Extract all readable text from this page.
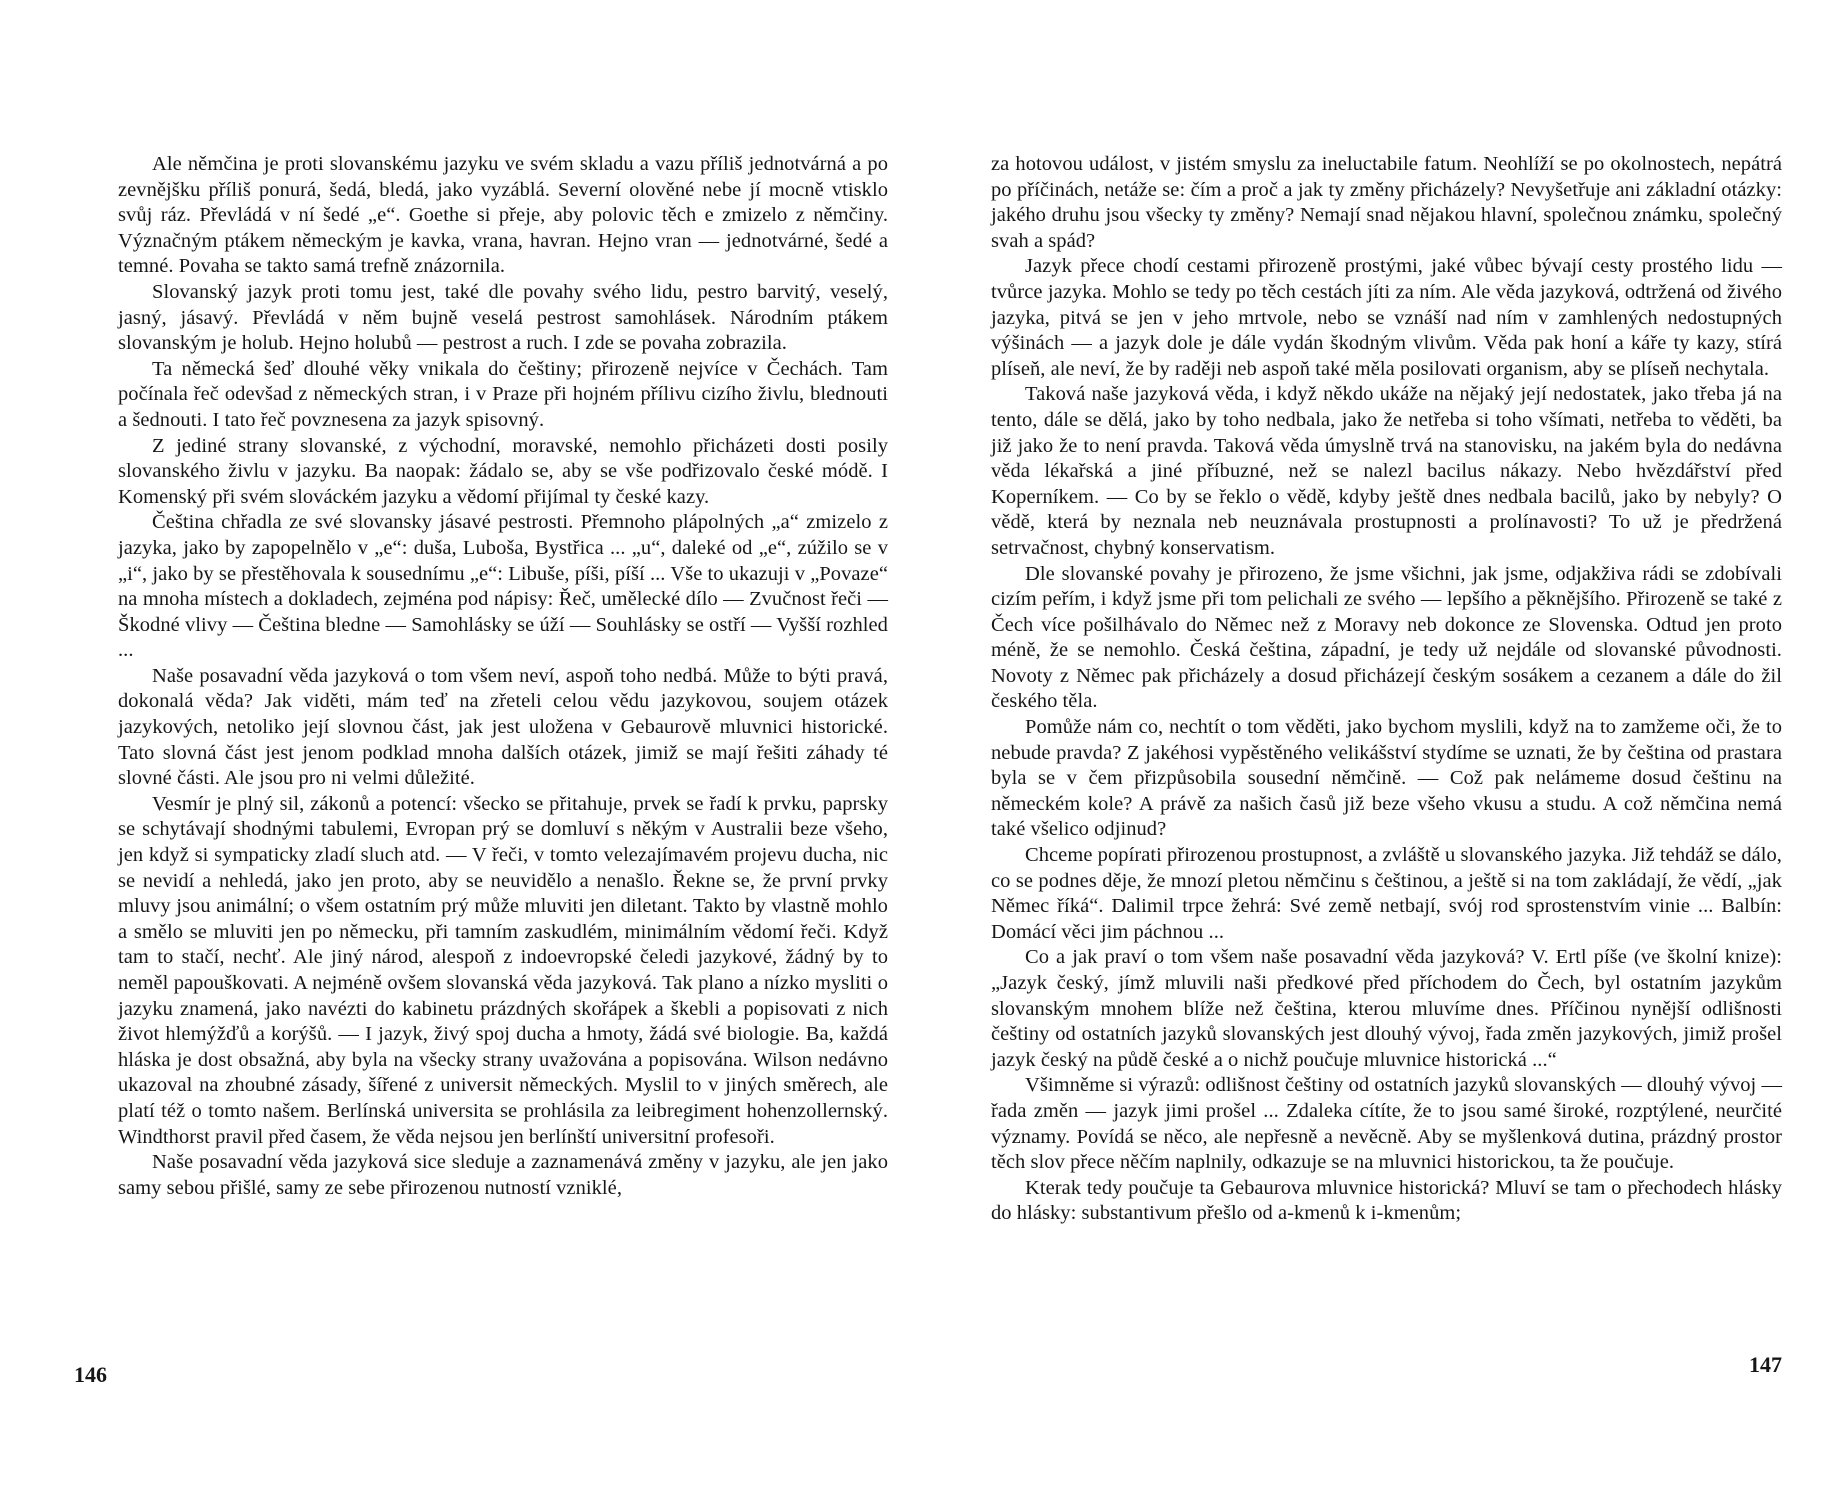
Ale němčina je proti slovanskému jazyku ve svém skladu a vazu příliš jednotvárná a po zevnějšku příliš ponurá, šedá, bledá, jako vyzáblá. Severní olověné nebe jí mocně vtisklo svůj ráz. Převládá v ní šedé „e“. Goethe si přeje, aby polovic těch e zmizelo z němčiny. Význačným ptákem německým je kavka, vrana, havran. Hejno vran — jednotvárné, šedé a temné. Povaha se takto samá trefně znázornila.

Slovanský jazyk proti tomu jest, také dle povahy svého lidu, pestro barvitý, veselý, jasný, jásavý. Převládá v něm bujně veselá pestrost samohlásek. Národním ptákem slovanským je holub. Hejno holubů — pestrost a ruch. I zde se povaha zobrazila.

Ta německá šeď dlouhé věky vnikala do češtiny; přirozeně nejvíce v Čechách. Tam počínala řeč odevšad z německých stran, i v Praze při hojném přílivu cizího živlu, blednouti a šednouti. I tato řeč povznesena za jazyk spisovný.

Z jediné strany slovanské, z východní, moravské, nemohlo přicházeti dosti posily slovanského živlu v jazyku. Ba naopak: žádalo se, aby se vše podřizovalo české módě. I Komenský při svém slováckém jazyku a vědomí přijímal ty české kazy.

Čeština chřadla ze své slovansky jásavé pestrosti. Přemnoho plápolných „a“ zmizelo z jazyka, jako by zapopelnělo v „e“: duša, Luboša, Bystřica ... „u“, daleké od „e“, zúžilo se v „i“, jako by se přestěhovala k sousednímu „e“: Libuše, píši, píší ... Vše to ukazuji v „Povaze“ na mnoha místech a dokladech, zejména pod nápisy: Řeč, umělecké dílo — Zvučnost řeči — Škodné vlivy — Čeština bledne — Samohlásky se úží — Souhlásky se ostří — Vyšší rozhled ...

Naše posavadní věda jazyková o tom všem neví, aspoň toho nedbá. Může to býti pravá, dokonalá věda? Jak viděti, mám teď na zřeteli celou vědu jazykovou, soujem otázek jazykových, netoliko její slovnou část, jak jest uložena v Gebaurově mluvnici historické. Tato slovná část jest jenom podklad mnoha dalších otázek, jimiž se mají řešiti záhady té slovné části. Ale jsou pro ni velmi důležité.

Vesmír je plný sil, zákonů a potencí: všecko se přitahuje, prvek se řadí k prvku, paprsky se schytávají shodnými tabulemi, Evropan prý se domluví s někým v Australii beze všeho, jen když si sympaticky zladí sluch atd. — V řeči, v tomto velezajímavém projevu ducha, nic se nevidí a nehledá, jako jen proto, aby se neuvidělo a nenašlo. Řekne se, že první prvky mluvy jsou animální; o všem ostatním prý může mluviti jen diletant. Takto by vlastně mohlo a smělo se mluviti jen po německu, při tamním zaskudlém, minimálním vědomí řeči. Když tam to stačí, nechť. Ale jiný národ, alespoň z indoevropské čeledi jazykové, žádný by to neměl papouškovati. A nejméně ovšem slovanská věda jazyková. Tak plano a nízko mysliti o jazyku znamená, jako navézti do kabinetu prázdných skořápek a škebli a popisovati z nich život hlemýžďů a korýšů. — I jazyk, živý spoj ducha a hmoty, žádá své biologie. Ba, každá hláska je dost obsažná, aby byla na všecky strany uvažována a popisována. Wilson nedávno ukazoval na zhoubné zásady, šířené z universit německých. Myslil to v jiných směrech, ale platí též o tomto našem. Berlínská universita se prohlásila za leibregiment hohenzollernský. Windthorst pravil před časem, že věda nejsou jen berlínští universitní profesoři.

Naše posavadní věda jazyková sice sleduje a zaznamenává změny v jazyku, ale jen jako samy sebou přišlé, samy ze sebe přirozenou nutností vzniklé,

146

za hotovou událost, v jistém smyslu za ineluctabile fatum. Neohlíží se po okolnostech, nepátrá po příčinách, netáže se: čím a proč a jak ty změny přicházely? Nevyšetřuje ani základní otázky: jakého druhu jsou všecky ty změny? Nemají snad nějakou hlavní, společnou známku, společný svah a spád?

Jazyk přece chodí cestami přirozeně prostými, jaké vůbec bývají cesty prostého lidu — tvůrce jazyka. Mohlo se tedy po těch cestách jíti za ním. Ale věda jazyková, odtržená od živého jazyka, pitvá se jen v jeho mrtvole, nebo se vznáší nad ním v zamhlených nedostupných výšinách — a jazyk dole je dále vydán škodným vlivům. Věda pak honí a káře ty kazy, stírá plíseň, ale neví, že by raději neb aspoň také měla posilovati organism, aby se plíseň nechytala.

Taková naše jazyková věda, i když někdo ukáže na nějaký její nedostatek, jako třeba já na tento, dále se dělá, jako by toho nedbala, jako že netřeba si toho všímati, netřeba to věděti, ba již jako že to není pravda. Taková věda úmyslně trvá na stanovisku, na jakém byla do nedávna věda lékařská a jiné příbuzné, než se nalezl bacilus nákazy. Nebo hvězdářství před Koperníkem. — Co by se řeklo o vědě, kdyby ještě dnes nedbala bacilů, jako by nebyly? O vědě, která by neznala neb neuznávala prostupnosti a prolínavosti? To už je předržená setrvačnost, chybný konservatism.

Dle slovanské povahy je přirozeno, že jsme všichni, jak jsme, odjakživa rádi se zdobívali cizím peřím, i když jsme při tom pelichali ze svého — lepšího a pěknějšího. Přirozeně se také z Čech více pošilhávalo do Němec než z Moravy neb dokonce ze Slovenska. Odtud jen proto méně, že se nemohlo. Česká čeština, západní, je tedy už nejdále od slovanské původnosti. Novoty z Němec pak přicházely a dosud přicházejí českým sosákem a cezanem a dále do žil českého těla.

Pomůže nám co, nechtít o tom věděti, jako bychom myslili, když na to zamžeme oči, že to nebude pravda? Z jakéhosi vypěstěného velikášství stydíme se uznati, že by čeština od prastara byla se v čem přizpůsobila sousední němčině. — Což pak nelámeme dosud češtinu na německém kole? A právě za našich časů již beze všeho vkusu a studu. A což němčina nemá také všelico odjinud?

Chceme popírati přirozenou prostupnost, a zvláště u slovanského jazyka. Již tehdáž se dálo, co se podnes děje, že mnozí pletou němčinu s češtinou, a ještě si na tom zakládají, že vědí, „jak Němec říká“. Dalimil trpce žehrá: Své země netbají, svój rod sprostenstvím vinie ... Balbín: Domácí věci jim páchnou ...

Co a jak praví o tom všem naše posavadní věda jazyková? V. Ertl píše (ve školní knize): „Jazyk český, jímž mluvili naši předkové před příchodem do Čech, byl ostatním jazykům slovanským mnohem blíže než čeština, kterou mluvíme dnes. Příčinou nynější odlišnosti češtiny od ostatních jazyků slovanských jest dlouhý vývoj, řada změn jazykových, jimiž prošel jazyk český na půdě české a o nichž poučuje mluvnice historická ...“

Všimněme si výrazů: odlišnost češtiny od ostatních jazyků slovanských — dlouhý vývoj — řada změn — jazyk jimi prošel ... Zdaleka cítíte, že to jsou samé široké, rozptýlené, neurčité významy. Povídá se něco, ale nepřesně a nevěcně. Aby se myšlenková dutina, prázdný prostor těch slov přece něčím naplnily, odkazuje se na mluvnici historickou, ta že poučuje.

Kterak tedy poučuje ta Gebaurova mluvnice historická? Mluví se tam o přechodech hlásky do hlásky: substantivum přešlo od a-kmenů k i-kmenům;

147
